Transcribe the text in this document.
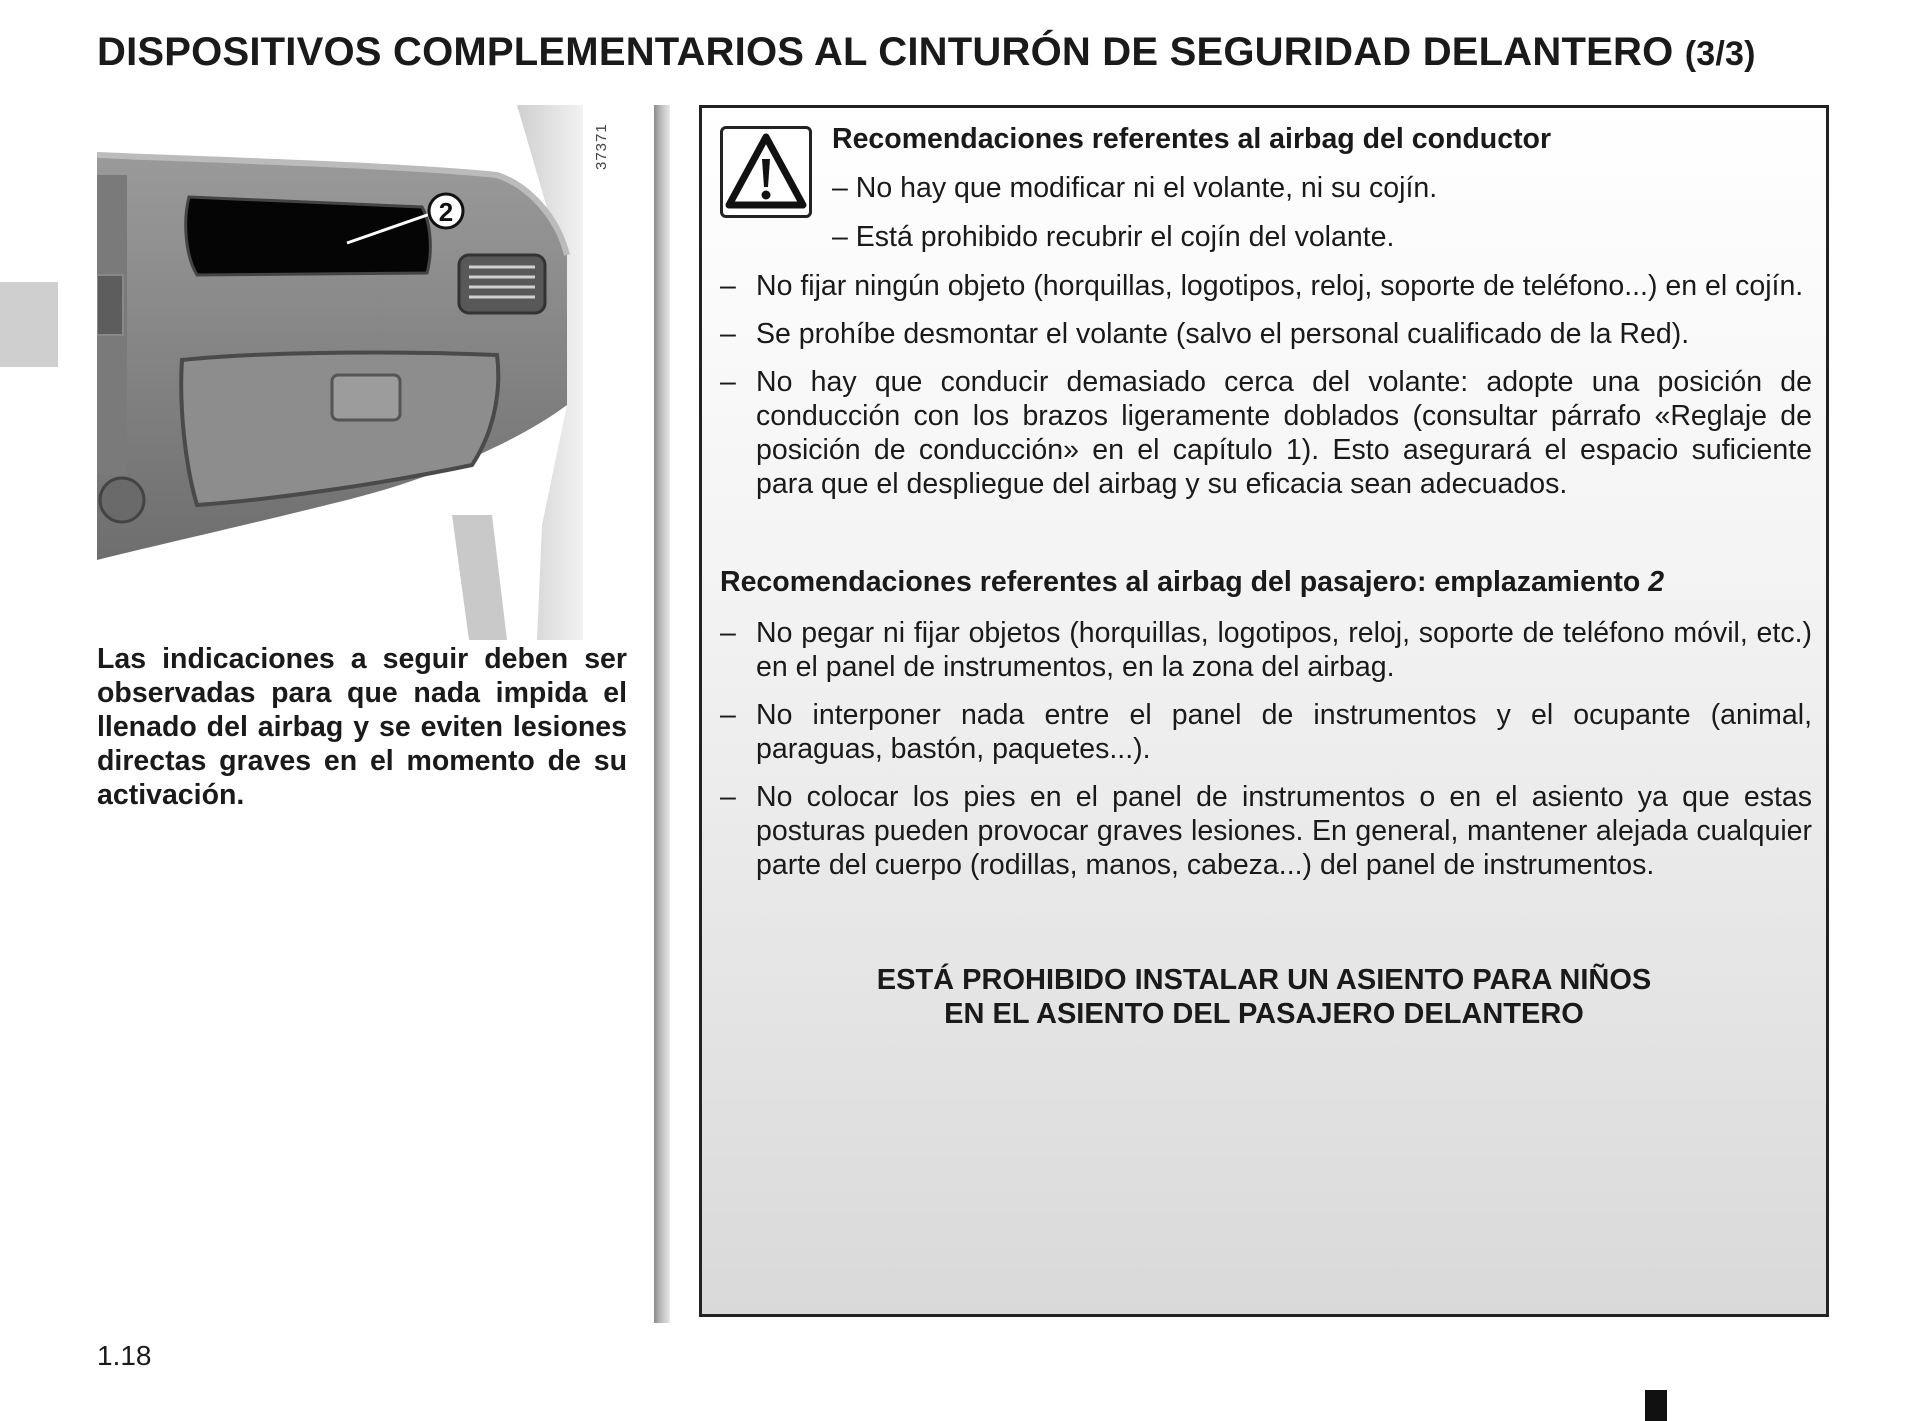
DISPOSITIVOS COMPLEMENTARIOS AL CINTURÓN DE SEGURIDAD DELANTERO (3/3)
2
37371
Las indicaciones a seguir deben ser observadas para que nada impida el llenado del airbag y se eviten lesiones directas graves en el momento de su activación.
Recomendaciones referentes al airbag del conductor
– No hay que modificar ni el volante, ni su cojín.
– Está prohibido recubrir el cojín del volante.
– No fijar ningún objeto (horquillas, logotipos, reloj, soporte de teléfono...) en el cojín.
– Se prohíbe desmontar el volante (salvo el personal cualificado de la Red).
– No hay que conducir demasiado cerca del volante: adopte una posición de conducción con los brazos ligeramente doblados (consultar párrafo «Reglaje de posición de conducción» en el capítulo 1). Esto asegurará el espacio suficiente para que el despliegue del airbag y su eficacia sean adecuados.
Recomendaciones referentes al airbag del pasajero: emplazamiento 2
– No pegar ni fijar objetos (horquillas, logotipos, reloj, soporte de teléfono móvil, etc.) en el panel de instrumentos, en la zona del airbag.
– No interponer nada entre el panel de instrumentos y el ocupante (animal, paraguas, bastón, paquetes...).
– No colocar los pies en el panel de instrumentos o en el asiento ya que estas posturas pueden provocar graves lesiones. En general, mantener alejada cualquier parte del cuerpo (rodillas, manos, cabeza...) del panel de instrumentos.
ESTÁ PROHIBIDO INSTALAR UN ASIENTO PARA NIÑOS
EN EL ASIENTO DEL PASAJERO DELANTERO
1.18
